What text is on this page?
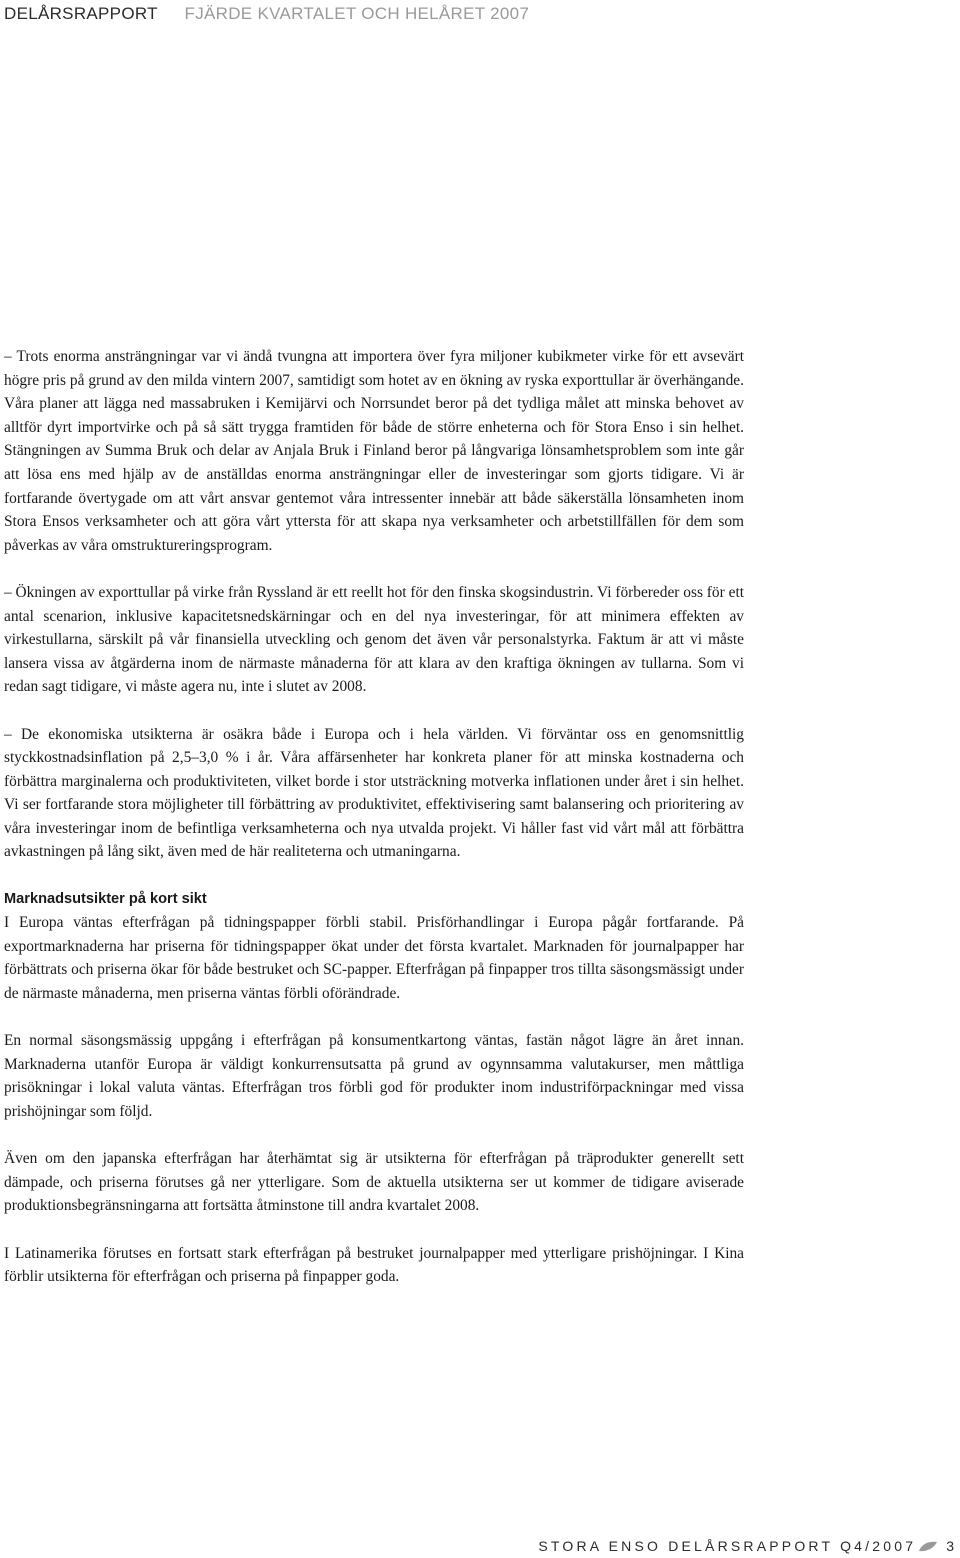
DELÅRSRAPPORT FJÄRDE KVARTALET OCH HELÅRET 2007

– Trots enorma ansträngningar var vi ändå tvungna att importera över fyra miljoner kubikmeter virke för ett avsevärt högre pris på grund av den milda vintern 2007, samtidigt som hotet av en ökning av ryska exporttullar är överhängande. Våra planer att lägga ned massabruken i Kemijärvi och Norrsundet beror på det tydliga målet att minska behovet av alltför dyrt importvirke och på så sätt trygga framtiden för både de större enheterna och för Stora Enso i sin helhet. Stängningen av Summa Bruk och delar av Anjala Bruk i Finland beror på långvariga lönsamhetsproblem som inte går att lösa ens med hjälp av de anställdas enorma ansträngningar eller de investeringar som gjorts tidigare. Vi är fortfarande övertygade om att vårt ansvar gentemot våra intressenter innebär att både säkerställa lönsamheten inom Stora Ensos verksamheter och att göra vårt yttersta för att skapa nya verksamheter och arbetstillfällen för dem som påverkas av våra omstruktureringsprogram.

– Ökningen av exporttullar på virke från Ryssland är ett reellt hot för den finska skogsindustrin. Vi förbereder oss för ett antal scenarion, inklusive kapacitetsnedskärningar och en del nya investeringar, för att minimera effekten av virkestullarna, särskilt på vår finansiella utveckling och genom det även vår personalstyrka. Faktum är att vi måste lansera vissa av åtgärderna inom de närmaste månaderna för att klara av den kraftiga ökningen av tullarna. Som vi redan sagt tidigare, vi måste agera nu, inte i slutet av 2008.

– De ekonomiska utsikterna är osäkra både i Europa och i hela världen. Vi förväntar oss en genomsnittlig styckkostnadsinflation på 2,5–3,0 % i år. Våra affärsenheter har konkreta planer för att minska kostnaderna och förbättra marginalerna och produktiviteten, vilket borde i stor utsträckning motverka inflationen under året i sin helhet. Vi ser fortfarande stora möjligheter till förbättring av produktivitet, effektivisering samt balansering och prioritering av våra investeringar inom de befintliga verksamheterna och nya utvalda projekt. Vi håller fast vid vårt mål att förbättra avkastningen på lång sikt, även med de här realiteterna och utmaningarna.

Marknadsutsikter på kort sikt

I Europa väntas efterfrågan på tidningspapper förbli stabil. Prisförhandlingar i Europa pågår fortfarande. På exportmarknaderna har priserna för tidningspapper ökat under det första kvartalet. Marknaden för journalpapper har förbättrats och priserna ökar för både bestruket och SC-papper. Efterfrågan på finpapper tros tillta säsongsmässigt under de närmaste månaderna, men priserna väntas förbli oförändrade.

En normal säsongsmässig uppgång i efterfrågan på konsumentkartong väntas, fastän något lägre än året innan. Marknaderna utanför Europa är väldigt konkurrensutsatta på grund av ogynnsamma valutakurser, men måttliga prisökningar i lokal valuta väntas. Efterfrågan tros förbli god för produkter inom industriförpackningar med vissa prishöjningar som följd.

Även om den japanska efterfrågan har återhämtat sig är utsikterna för efterfrågan på träprodukter generellt sett dämpade, och priserna förutses gå ner ytterligare. Som de aktuella utsikterna ser ut kommer de tidigare aviserade produktionsbegränsningarna att fortsätta åtminstone till andra kvartalet 2008.

I Latinamerika förutses en fortsatt stark efterfrågan på bestruket journalpapper med ytterligare prishöjningar. I Kina förblir utsikterna för efterfrågan och priserna på finpapper goda.

STORA ENSO DELÅRSRAPPORT Q4/2007 3
